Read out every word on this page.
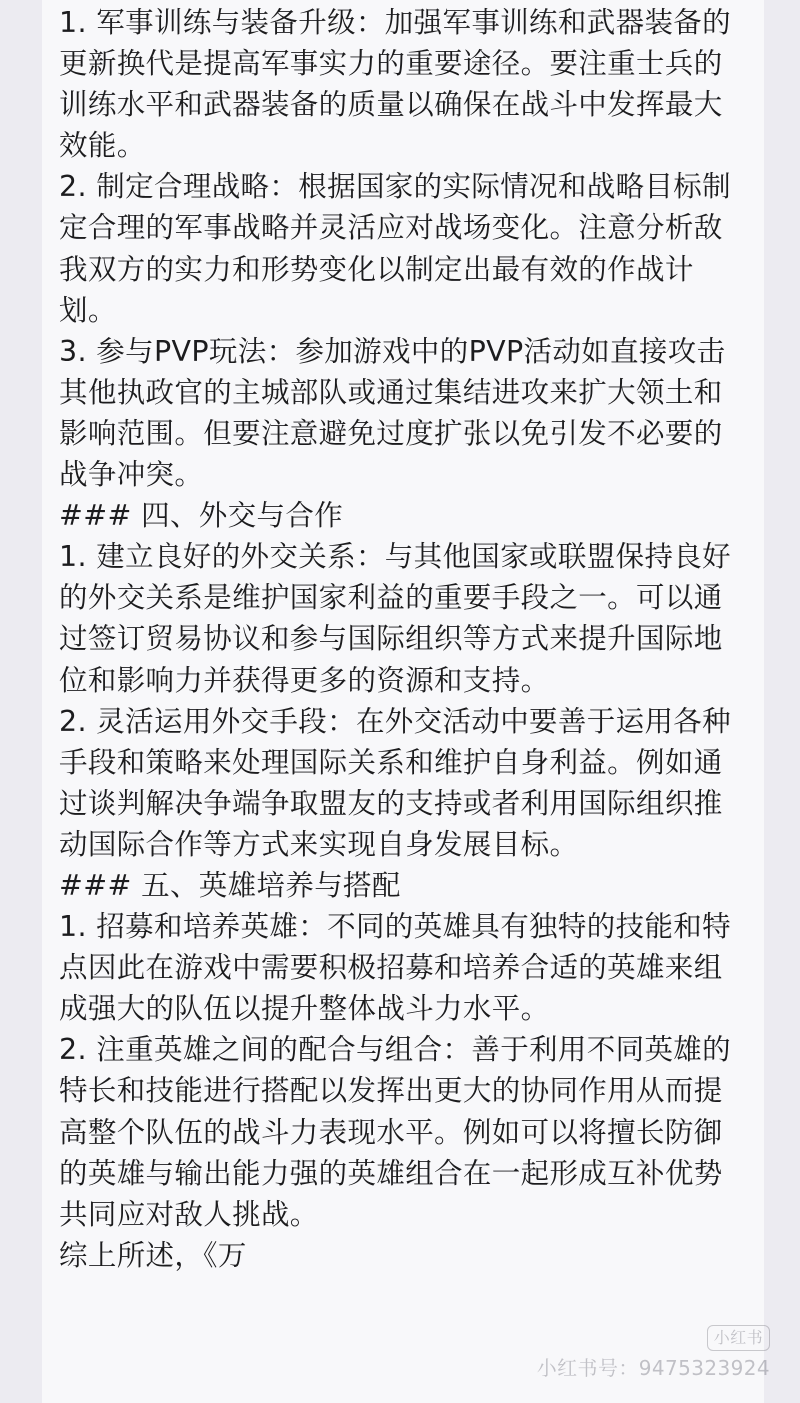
1. 军事训练与装备升级：加强军事训练和武器装备的更新换代是提高军事实力的重要途径。要注重士兵的训练水平和武器装备的质量以确保在战斗中发挥最大效能。
2. 制定合理战略：根据国家的实际情况和战略目标制定合理的军事战略并灵活应对战场变化。注意分析敌我双方的实力和形势变化以制定出最有效的作战计划。
3. 参与PVP玩法：参加游戏中的PVP活动如直接攻击其他执政官的主城部队或通过集结进攻来扩大领土和影响范围。但要注意避免过度扩张以免引发不必要的战争冲突。
### 四、外交与合作
1. 建立良好的外交关系：与其他国家或联盟保持良好的外交关系是维护国家利益的重要手段之一。可以通过签订贸易协议和参与国际组织等方式来提升国际地位和影响力并获得更多的资源和支持。
2. 灵活运用外交手段：在外交活动中要善于运用各种手段和策略来处理国际关系和维护自身利益。例如通过谈判解决争端争取盟友的支持或者利用国际组织推动国际合作等方式来实现自身发展目标。
### 五、英雄培养与搭配
1. 招募和培养英雄：不同的英雄具有独特的技能和特点因此在游戏中需要积极招募和培养合适的英雄来组成强大的队伍以提升整体战斗力水平。
2. 注重英雄之间的配合与组合：善于利用不同英雄的特长和技能进行搭配以发挥出更大的协同作用从而提高整个队伍的战斗力表现水平。例如可以将擅长防御的英雄与输出能力强的英雄组合在一起形成互补优势共同应对敌人挑战。
综上所述，《万
小红书
小红书号：9475323924
